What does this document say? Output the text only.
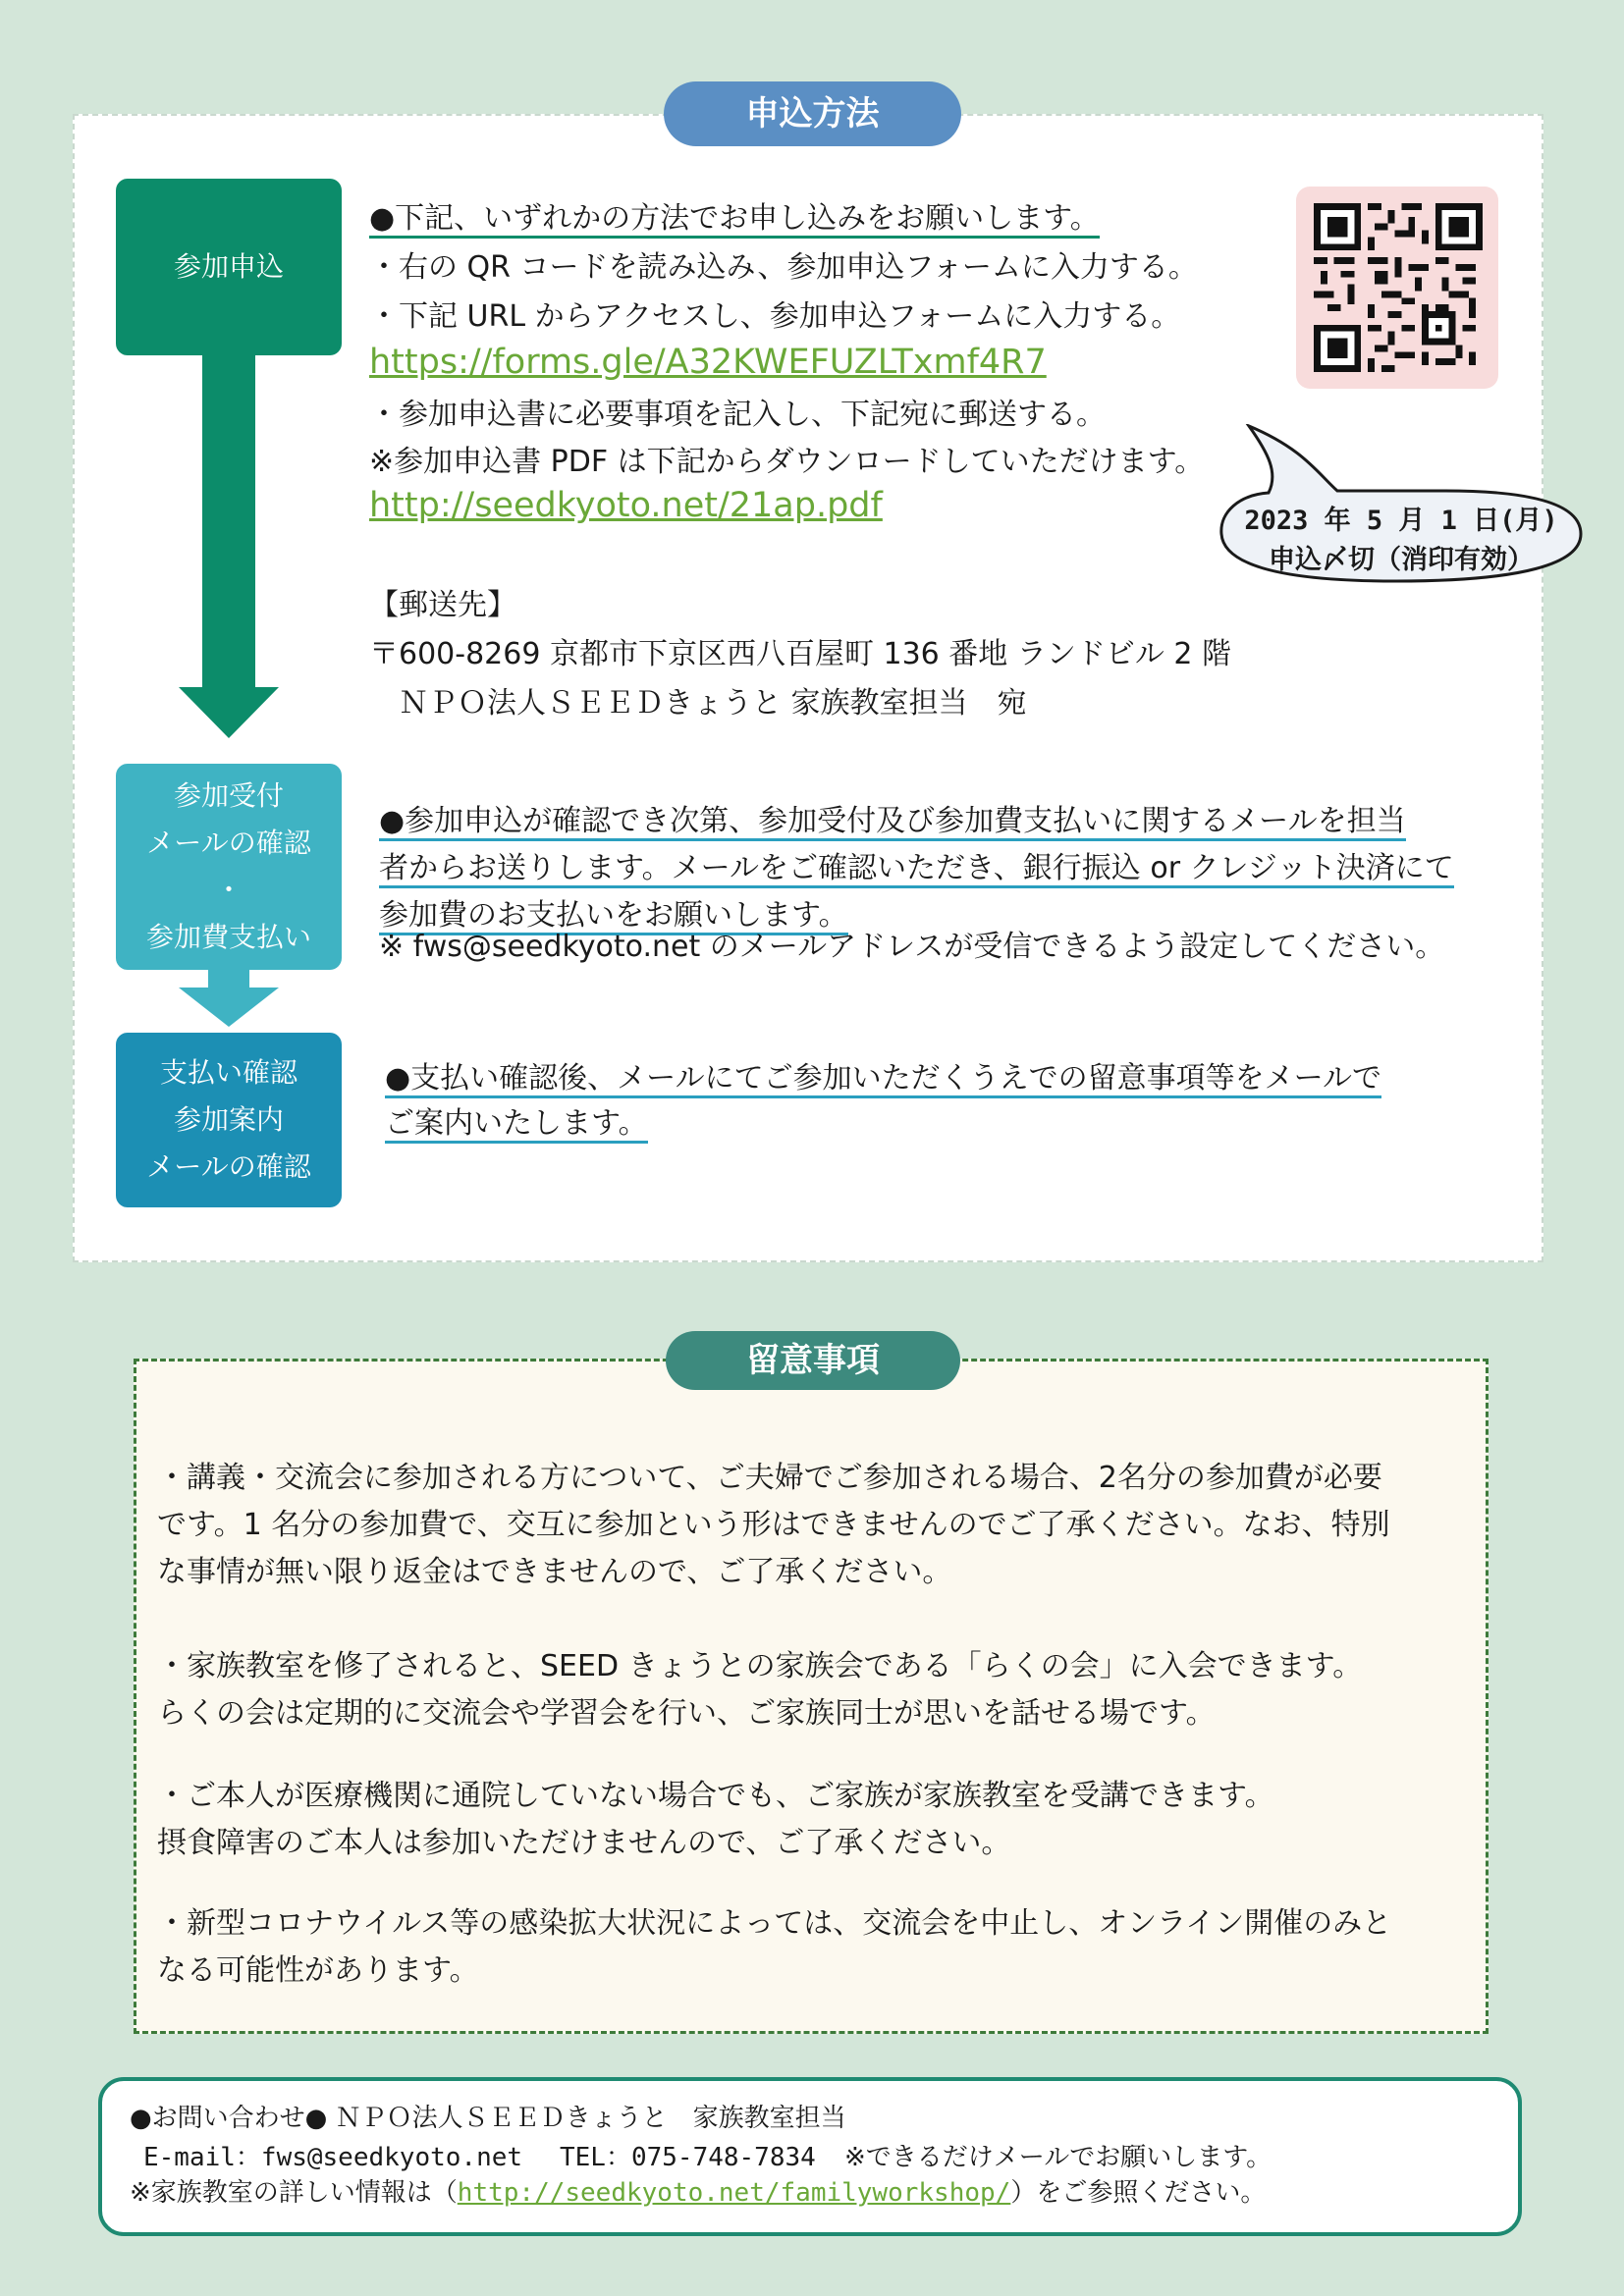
申込方法
参加申込
参加受付
メールの確認
・
参加費支払い
支払い確認
参加案内
メールの確認
●下記、いずれかの方法でお申し込みをお願いします。
・右の QR コードを読み込み、参加申込フォームに入力する。
・下記 URL からアクセスし、参加申込フォームに入力する。
https://forms.gle/A32KWEFUZLTxmf4R7
・参加申込書に必要事項を記入し、下記宛に郵送する。
※参加申込書 PDF は下記からダウンロードしていただけます。
http://seedkyoto.net/21ap.pdf
【郵送先】
〒600-8269 京都市下京区西八百屋町 136 番地 ランドビル 2 階
ＮＰＯ法人ＳＥＥＤきょうと 家族教室担当　宛
2023 年 5 月 1 日(月)
申込〆切（消印有効）
●参加申込が確認でき次第、参加受付及び参加費支払いに関するメールを担当
者からお送りします。メールをご確認いただき、銀行振込 or クレジット決済にて
参加費のお支払いをお願いします。
※ fws@seedkyoto.net のメールアドレスが受信できるよう設定してください。
●支払い確認後、メールにてご参加いただくうえでの留意事項等をメールで
ご案内いたします。
留意事項
・講義・交流会に参加される方について、ご夫婦でご参加される場合、2名分の参加費が必要
です。1 名分の参加費で、交互に参加という形はできませんのでご了承ください。なお、特別
な事情が無い限り返金はできませんので、ご了承ください。
・家族教室を修了されると、SEED きょうとの家族会である「らくの会」に入会できます。
らくの会は定期的に交流会や学習会を行い、ご家族同士が思いを話せる場です。
・ご本人が医療機関に通院していない場合でも、ご家族が家族教室を受講できます。
摂食障害のご本人は参加いただけませんので、ご了承ください。
・新型コロナウイルス等の感染拡大状況によっては、交流会を中止し、オンライン開催のみと
なる可能性があります。
●お問い合わせ● ＮＰＯ法人ＳＥＥＤきょうと　家族教室担当
E-mail：fws@seedkyoto.net TEL：075-748-7834 ※できるだけメールでお願いします。
※家族教室の詳しい情報は（http://seedkyoto.net/familyworkshop/）をご参照ください。
